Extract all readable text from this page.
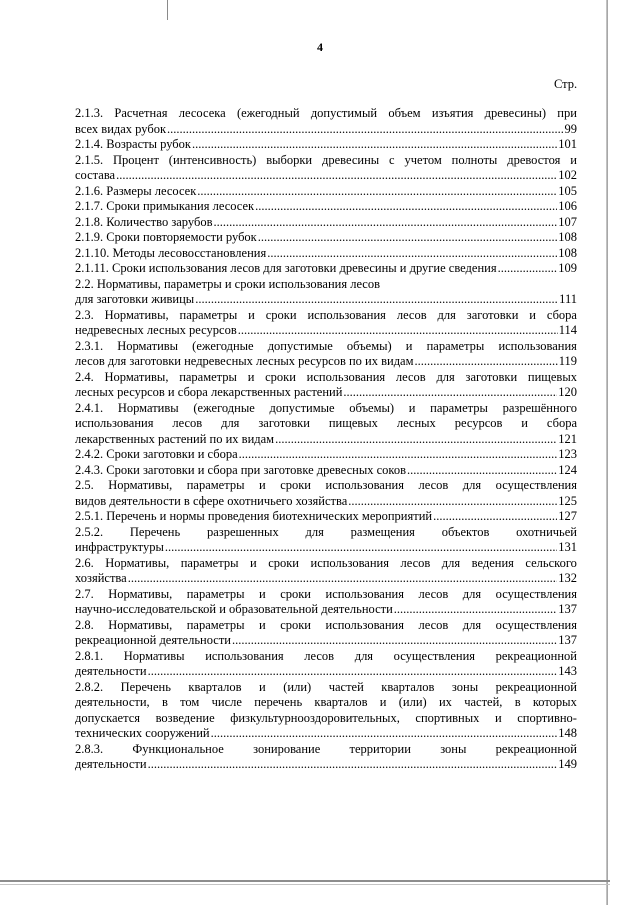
4
Стр.
2.1.3. Расчетная лесосека (ежегодный допустимый объем изъятия древесины) при
всех видах рубок .....	99
2.1.4. Возрасты рубок .....	101
2.1.5. Процент (интенсивность) выборки древесины с учетом полноты древостоя и
состава .....	102
2.1.6. Размеры лесосек .....	105
2.1.7. Сроки примыкания лесосек .....	106
2.1.8. Количество зарубов .....	107
2.1.9. Сроки повторяемости рубок .....	108
2.1.10. Методы лесовосстановления .....	108
2.1.11. Сроки использования лесов для заготовки древесины и другие сведения .....	109
2.2. Нормативы, параметры и сроки использования лесов
для заготовки живицы .....	111
2.3. Нормативы, параметры и сроки использования лесов для заготовки и сбора
недревесных лесных ресурсов .....	114
2.3.1. Нормативы (ежегодные допустимые объемы) и параметры использования
лесов для заготовки недревесных лесных ресурсов по их видам .....	119
2.4. Нормативы, параметры и сроки использования лесов для заготовки пищевых
лесных ресурсов и сбора лекарственных растений .....	120
2.4.1. Нормативы (ежегодные допустимые объемы) и параметры разрешённого
использования лесов для заготовки пищевых лесных ресурсов и сбора
лекарственных растений по их видам .....	121
2.4.2. Сроки заготовки и сбора .....	123
2.4.3. Сроки заготовки и сбора при заготовке древесных соков .....	124
2.5. Нормативы, параметры и сроки использования лесов для осуществления
видов деятельности в сфере охотничьего хозяйства .....	125
2.5.1. Перечень и нормы проведения биотехнических мероприятий .....	127
2.5.2. Перечень разрешенных для размещения объектов охотничьей
инфраструктуры .....	131
2.6. Нормативы, параметры и сроки использования лесов для ведения сельского
хозяйства .....	132
2.7. Нормативы, параметры и сроки использования лесов для осуществления
научно-исследовательской и образовательной деятельности .....	137
2.8. Нормативы, параметры и сроки использования лесов для осуществления
рекреационной деятельности .....	137
2.8.1. Нормативы использования лесов для осуществления рекреационной
деятельности .....	143
2.8.2. Перечень кварталов и (или) частей кварталов зоны рекреационной
деятельности, в том числе перечень кварталов и (или) их частей, в которых
допускается возведение физкультурнооздоровительных, спортивных и спортивно-
технических сооружений .....	148
2.8.3. Функциональное зонирование территории зоны рекреационной
деятельности .....	149
